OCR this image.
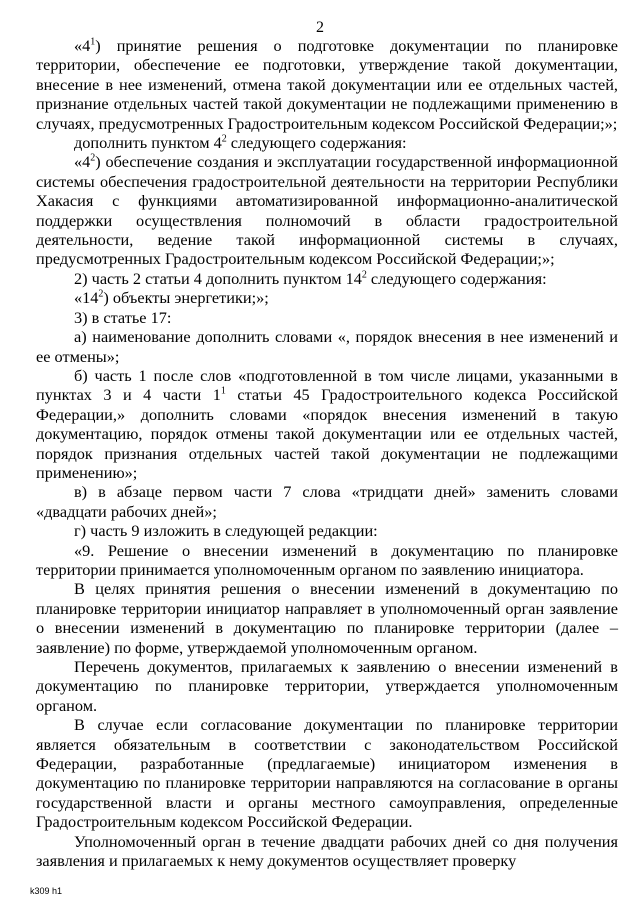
2

«$4^1$) принятие решения о подготовке документации по планировке территории, обеспечение ее подготовки, утверждение такой документации, внесение в нее изменений, отмена такой документации или ее отдельных частей, признание отдельных частей такой документации не подлежащими применению в случаях, предусмотренных Градостроительным кодексом Российской Федерации;»;

дополнить пунктом $4^2$ следующего содержания:

«$4^2$) обеспечение создания и эксплуатации государственной информационной системы обеспечения градостроительной деятельности на территории Республики Хакасия с функциями автоматизированной информационно-аналитической поддержки осуществления полномочий в области градостроительной деятельности, ведение такой информационной системы в случаях, предусмотренных Градостроительным кодексом Российской Федерации;»;

2) часть 2 статьи 4 дополнить пунктом $14^2$ следующего содержания:

«$14^2$) объекты энергетики;»;

3) в статье 17:

а) наименование дополнить словами «, порядок внесения в нее изменений и ее отмены»;

б) часть 1 после слов «подготовленной в том числе лицами, указанными в пунктах 3 и 4 части $1^1$ статьи 45 Градостроительного кодекса Российской Федерации,» дополнить словами «порядок внесения изменений в такую документацию, порядок отмены такой документации или ее отдельных частей, порядок признания отдельных частей такой документации не подлежащими применению»;

в) в абзаце первом части 7 слова «тридцати дней» заменить словами «двадцати рабочих дней»;

г) часть 9 изложить в следующей редакции:

«9. Решение о внесении изменений в документацию по планировке территории принимается уполномоченным органом по заявлению инициатора.

В целях принятия решения о внесении изменений в документацию по планировке территории инициатор направляет в уполномоченный орган заявление о внесении изменений в документацию по планировке территории (далее – заявление) по форме, утверждаемой уполномоченным органом.

Перечень документов, прилагаемых к заявлению о внесении изменений в документацию по планировке территории, утверждается уполномоченным органом.

В случае если согласование документации по планировке территории является обязательным в соответствии с законодательством Российской Федерации, разработанные (предлагаемые) инициатором изменения в документацию по планировке территории направляются на согласование в органы государственной власти и органы местного самоуправления, определенные Градостроительным кодексом Российской Федерации.

Уполномоченный орган в течение двадцати рабочих дней со дня получения заявления и прилагаемых к нему документов осуществляет проверку

k309 h1
